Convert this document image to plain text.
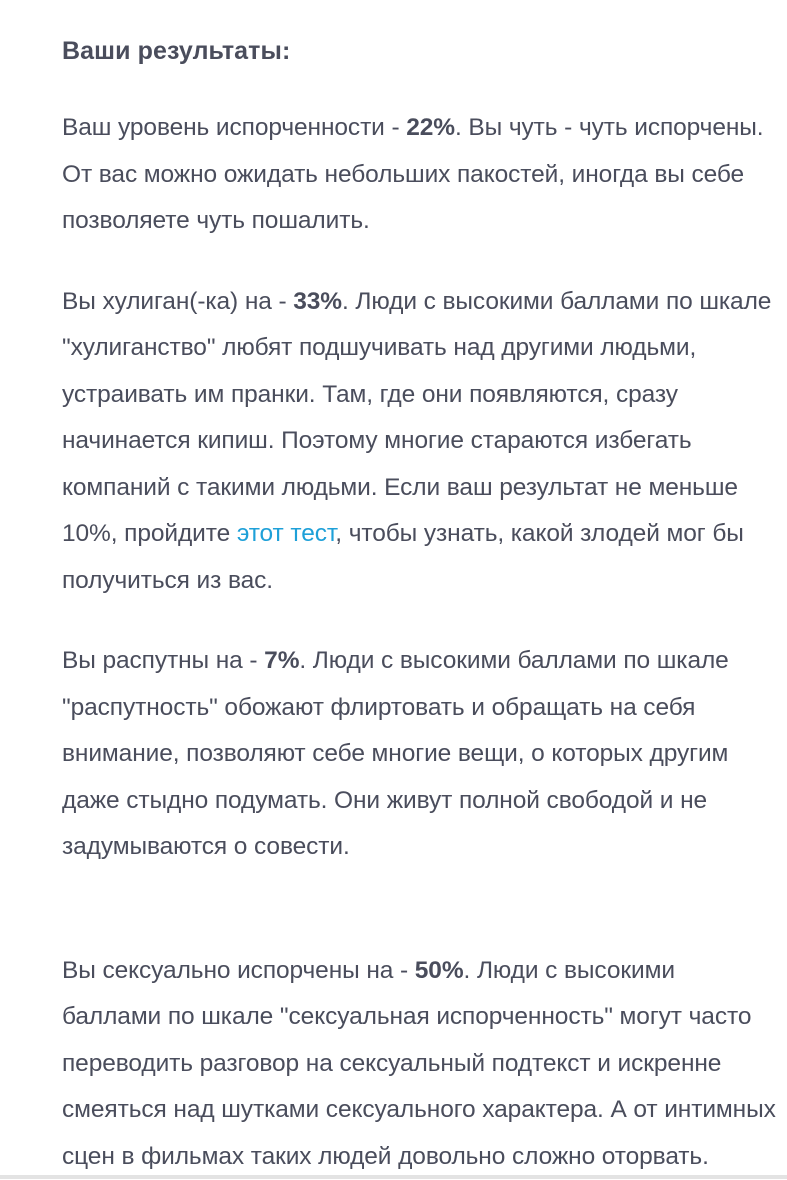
Ваши результаты:

Ваш уровень испорченности - 22%. Вы чуть - чуть испорчены. От вас можно ожидать небольших пакостей, иногда вы себе позволяете чуть пошалить.

Вы хулиган(-ка) на - 33%. Люди с высокими баллами по шкале "хулиганство" любят подшучивать над другими людьми, устраивать им пранки. Там, где они появляются, сразу начинается кипиш. Поэтому многие стараются избегать компаний с такими людьми. Если ваш результат не меньше 10%, пройдите этот тест, чтобы узнать, какой злодей мог бы получиться из вас.

Вы распутны на - 7%. Люди с высокими баллами по шкале "распутность" обожают флиртовать и обращать на себя внимание, позволяют себе многие вещи, о которых другим даже стыдно подумать. Они живут полной свободой и не задумываются о совести.

Вы сексуально испорчены на - 50%. Люди с высокими баллами по шкале "сексуальная испорченность" могут часто переводить разговор на сексуальный подтекст и искренне смеяться над шутками сексуального характера. А от интимных сцен в фильмах таких людей довольно сложно оторвать.
